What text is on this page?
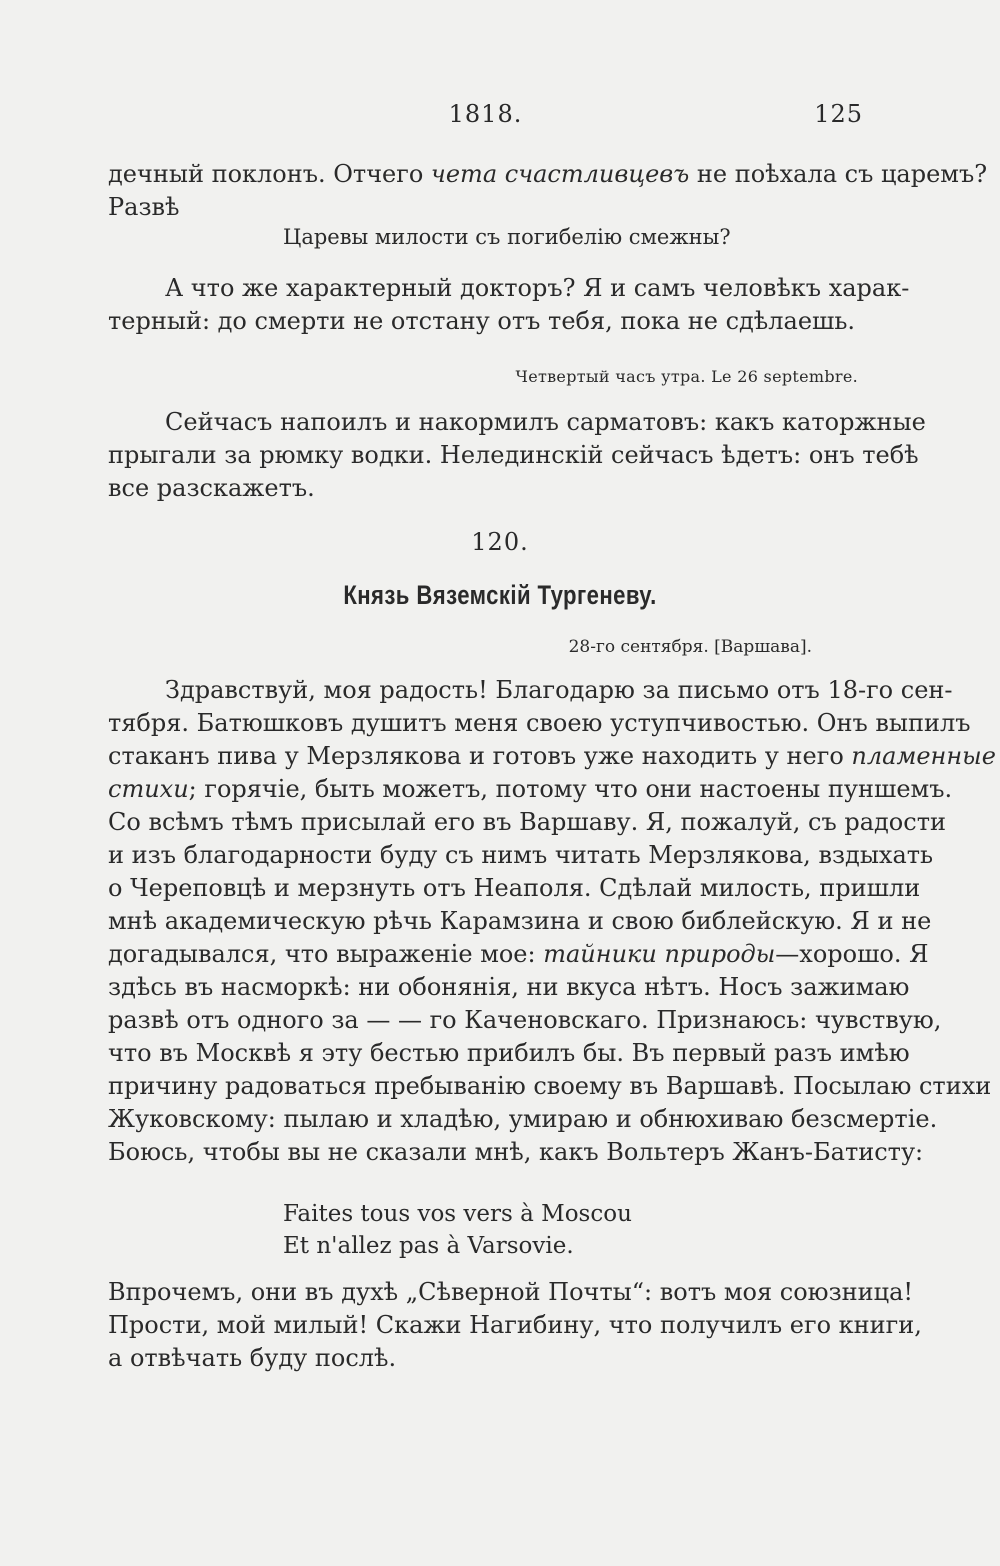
1818.	125
дечный поклонъ. Отчего чета счастливцевъ не поѣхала съ царемъ?
Развѣ
Царевы милости съ погибелію смежны?
А что же характерный докторъ? Я и самъ человѣкъ харак-
терный: до смерти не отстану отъ тебя, пока не сдѣлаешь.
Четвертый часъ утра. Le 26 septembre.
Сейчасъ напоилъ и накормилъ сарматовъ: какъ каторжные
прыгали за рюмку водки. Нелединскій сейчасъ ѣдетъ: онъ тебѣ
все разскажетъ.
120.
Князь Вяземскій Тургеневу.
28-го сентября. [Варшава].
Здравствуй, моя радость! Благодарю за письмо отъ 18-го сен-
тября. Батюшковъ душитъ меня своею уступчивостью. Онъ выпилъ
стаканъ пива у Мерзлякова и готовъ уже находить у него пламенные
стихи; горячіе, быть можетъ, потому что они настоены пуншемъ.
Со всѣмъ тѣмъ присылай его въ Варшаву. Я, пожалуй, съ радости
и изъ благодарности буду съ нимъ читать Мерзлякова, вздыхать
о Череповцѣ и мерзнуть отъ Неаполя. Сдѣлай милость, пришли
мнѣ академическую рѣчь Карамзина и свою библейскую. Я и не
догадывался, что выраженіе мое: тайники природы—хорошо. Я
здѣсь въ насморкѣ: ни обонянія, ни вкуса нѣтъ. Носъ зажимаю
развѣ отъ одного за — — го Каченовскаго. Признаюсь: чувствую,
что въ Москвѣ я эту бестью прибилъ бы. Въ первый разъ имѣю
причину радоваться пребыванію своему въ Варшавѣ. Посылаю стихи
Жуковскому: пылаю и хладѣю, умираю и обнюхиваю безсмертіе.
Боюсь, чтобы вы не сказали мнѣ, какъ Вольтеръ Жанъ-Батисту:
Faites tous vos vers à Moscou
Et n'allez pas à Varsovie.
Впрочемъ, они въ духѣ „Сѣверной Почты“: вотъ моя союзница!
Прости, мой милый! Скажи Нагибину, что получилъ его книги,
а отвѣчать буду послѣ.
